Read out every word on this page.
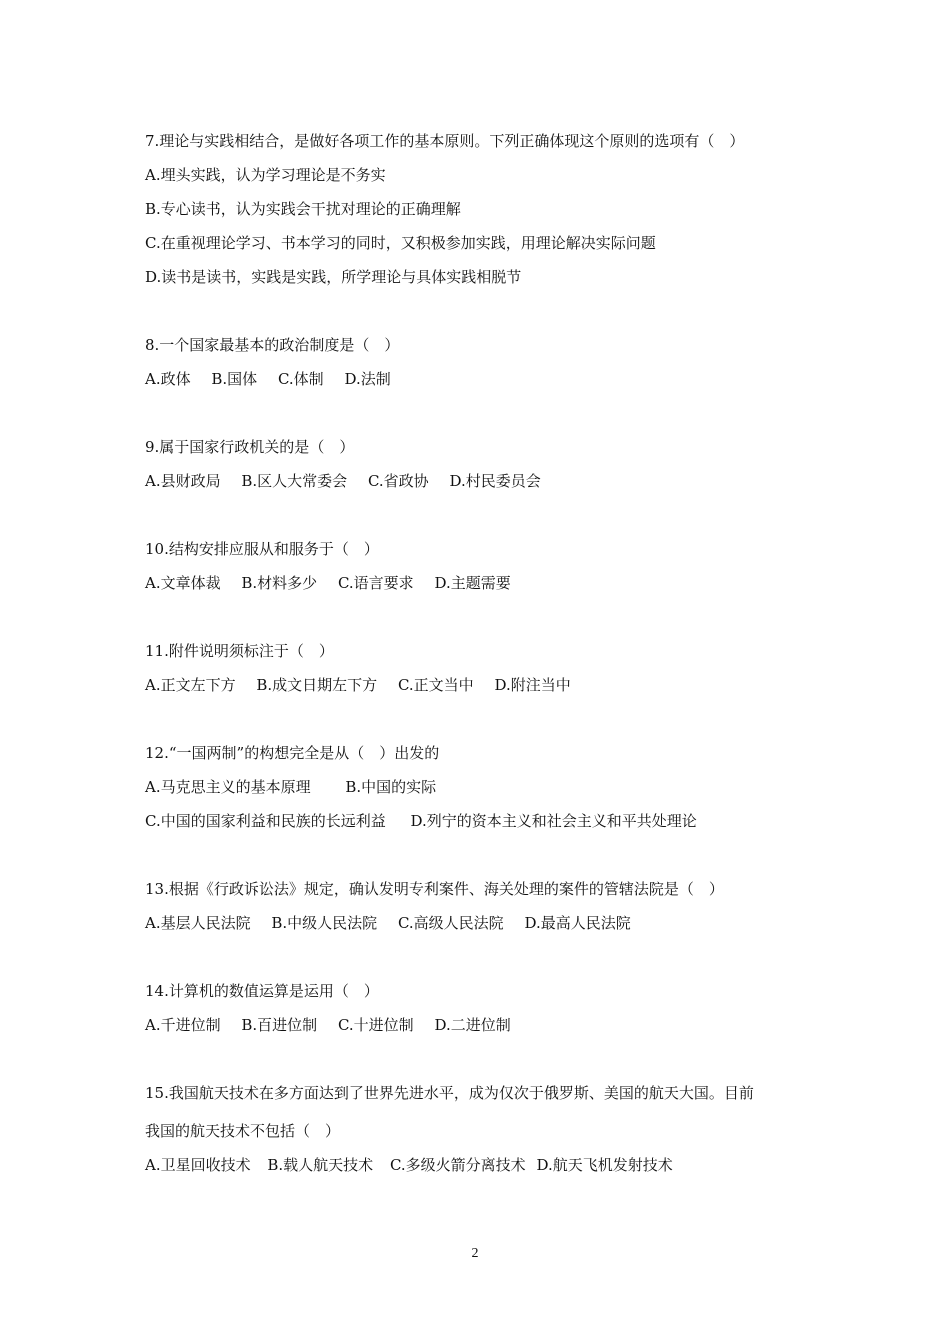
7.理论与实践相结合，是做好各项工作的基本原则。下列正确体现这个原则的选项有（　）
A.埋头实践，认为学习理论是不务实
B.专心读书，认为实践会干扰对理论的正确理解
C.在重视理论学习、书本学习的同时，又积极参加实践，用理论解决实际问题
D.读书是读书，实践是实践，所学理论与具体实践相脱节
8.一个国家最基本的政治制度是（　）
A.政体 B.国体 C.体制 D.法制
9.属于国家行政机关的是（　）
A.县财政局 B.区人大常委会 C.省政协 D.村民委员会
10.结构安排应服从和服务于（　）
A.文章体裁 B.材料多少 C.语言要求 D.主题需要
11.附件说明须标注于（　）
A.正文左下方 B.成文日期左下方 C.正文当中 D.附注当中
12.“一国两制”的构想完全是从（　）出发的
A.马克思主义的基本原理 B.中国的实际
C.中国的国家利益和民族的长远利益 D.列宁的资本主义和社会主义和平共处理论
13.根据《行政诉讼法》规定，确认发明专利案件、海关处理的案件的管辖法院是（　）
A.基层人民法院 B.中级人民法院 C.高级人民法院 D.最高人民法院
14.计算机的数值运算是运用（　）
A.千进位制 B.百进位制 C.十进位制 D.二进位制
15.我国航天技术在多方面达到了世界先进水平，成为仅次于俄罗斯、美国的航天大国。目前
我国的航天技术不包括（　）
A.卫星回收技术 B.载人航天技术 C.多级火箭分离技术 D.航天飞机发射技术
2
